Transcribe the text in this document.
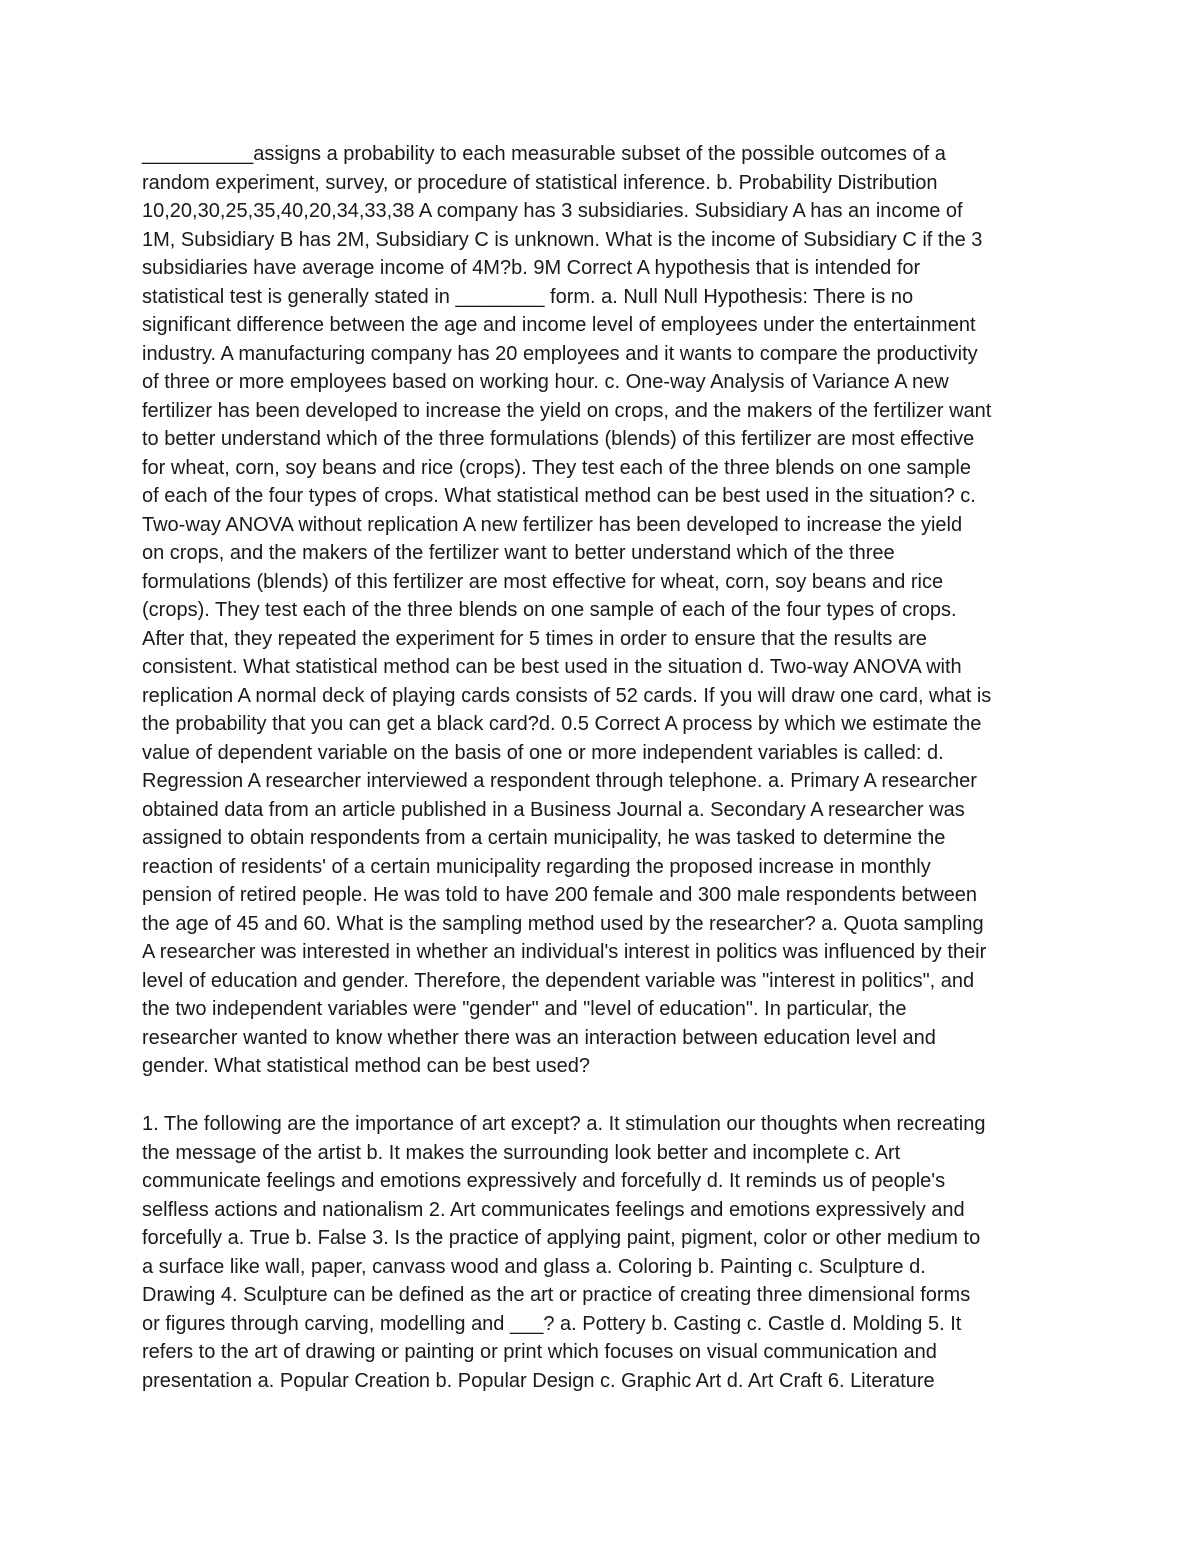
__________assigns a probability to each measurable subset of the possible outcomes of a
random experiment, survey, or procedure of statistical inference. b. Probability Distribution
10,20,30,25,35,40,20,34,33,38 A company has 3 subsidiaries. Subsidiary A has an income of
1M, Subsidiary B has 2M, Subsidiary C is unknown. What is the income of Subsidiary C if the 3
subsidiaries have average income of 4M?b. 9M Correct A hypothesis that is intended for
statistical test is generally stated in ________ form. a. Null Null Hypothesis: There is no
significant difference between the age and income level of employees under the entertainment
industry. A manufacturing company has 20 employees and it wants to compare the productivity
of three or more employees based on working hour. c. One-way Analysis of Variance A new
fertilizer has been developed to increase the yield on crops, and the makers of the fertilizer want
to better understand which of the three formulations (blends) of this fertilizer are most effective
for wheat, corn, soy beans and rice (crops). They test each of the three blends on one sample
of each of the four types of crops. What statistical method can be best used in the situation? c.
Two-way ANOVA without replication A new fertilizer has been developed to increase the yield
on crops, and the makers of the fertilizer want to better understand which of the three
formulations (blends) of this fertilizer are most effective for wheat, corn, soy beans and rice
(crops). They test each of the three blends on one sample of each of the four types of crops.
After that, they repeated the experiment for 5 times in order to ensure that the results are
consistent. What statistical method can be best used in the situation d. Two-way ANOVA with
replication A normal deck of playing cards consists of 52 cards. If you will draw one card, what is
the probability that you can get a black card?d. 0.5 Correct A process by which we estimate the
value of dependent variable on the basis of one or more independent variables is called: d.
Regression A researcher interviewed a respondent through telephone. a. Primary A researcher
obtained data from an article published in a Business Journal a. Secondary A researcher was
assigned to obtain respondents from a certain municipality, he was tasked to determine the
reaction of residents' of a certain municipality regarding the proposed increase in monthly
pension of retired people. He was told to have 200 female and 300 male respondents between
the age of 45 and 60. What is the sampling method used by the researcher? a. Quota sampling
A researcher was interested in whether an individual's interest in politics was influenced by their
level of education and gender. Therefore, the dependent variable was "interest in politics", and
the two independent variables were "gender" and "level of education". In particular, the
researcher wanted to know whether there was an interaction between education level and
gender. What statistical method can be best used?
1. The following are the importance of art except? a. It stimulation our thoughts when recreating
the message of the artist b. It makes the surrounding look better and incomplete c. Art
communicate feelings and emotions expressively and forcefully d. It reminds us of people's
selfless actions and nationalism 2. Art communicates feelings and emotions expressively and
forcefully a. True b. False 3. Is the practice of applying paint, pigment, color or other medium to
a surface like wall, paper, canvass wood and glass a. Coloring b. Painting c. Sculpture d.
Drawing 4. Sculpture can be defined as the art or practice of creating three dimensional forms
or figures through carving, modelling and ___? a. Pottery b. Casting c. Castle d. Molding 5. It
refers to the art of drawing or painting or print which focuses on visual communication and
presentation a. Popular Creation b. Popular Design c. Graphic Art d. Art Craft 6. Literature
